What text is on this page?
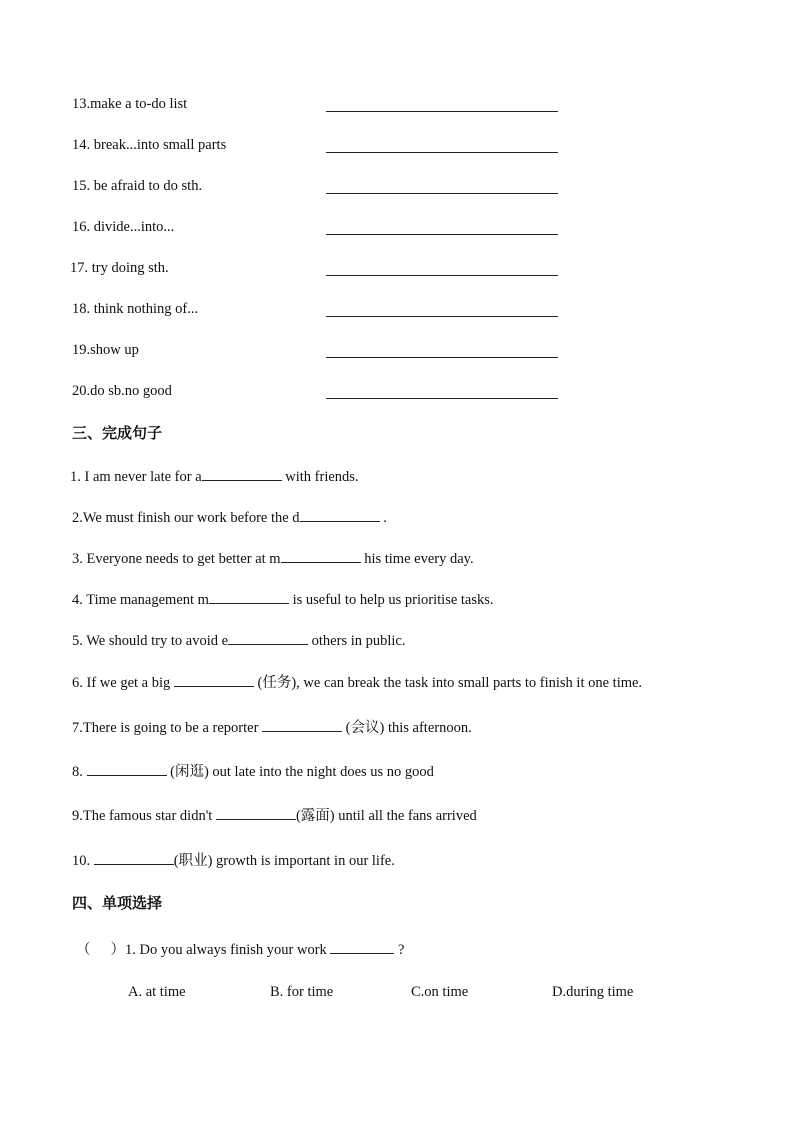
13.make a to-do list
14. break...into small parts
15. be afraid to do sth.
16. divide...into...
17. try doing sth.
18. think nothing of...
19.show up
20.do sb.no good
三、完成句子
1. I am never late for a	with friends.
2.We must finish our work before the d	.
3. Everyone needs to get better at m	his time every day.
4. Time management m	is useful to help us prioritise tasks.
5. We should try to avoid e	others in public.
6. If we get a big	(任务), we can break the task into small parts to finish it one time.
7.There is going to be a reporter	(会议) this afternoon.
8.	(闲逛) out late into the night does us no good
9.The famous star didn't	(露面) until all the fans arrived
10.	(职业) growth is important in our life.
四、单项选择
（ ）1. Do you always finish your work	?
A. at time	B. for time	C.on time	D.during time
